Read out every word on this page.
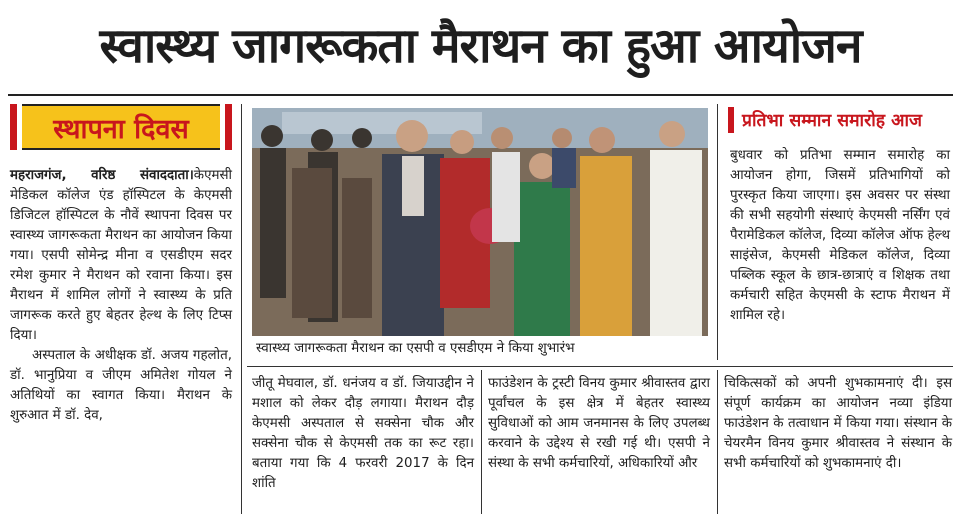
स्वास्थ्य जागरूकता मैराथन का हुआ आयोजन
स्थापना दिवस

महराजगंज, वरिष्ठ संवाददाता।केएमसी मेडिकल कॉलेज एंड हॉस्पिटल के केएमसी डिजिटल हॉस्पिटल के नौवें स्थापना दिवस पर स्वास्थ्य जागरूकता मैराथन का आयोजन किया गया। एसपी सोमेन्द्र मीना व एसडीएम सदर रमेश कुमार ने मैराथन को रवाना किया। इस मैराथन में शामिल लोगों ने स्वास्थ्य के प्रति जागरूक करते हुए बेहतर हेल्थ के लिए टिप्स दिया।

अस्पताल के अधीक्षक डॉ. अजय गहलोत, डॉ. भानुप्रिया व जीएम अमितेश गोयल ने अतिथियों का स्वागत किया। मैराथन के शुरुआत में डॉ. देव,

स्वास्थ्य जागरूकता मैराथन का एसपी व एसडीएम ने किया शुभारंभ
प्रतिभा सम्मान समारोह आज

बुधवार को प्रतिभा सम्मान समारोह का आयोजन होगा, जिसमें प्रतिभागियों को पुरस्कृत किया जाएगा। इस अवसर पर संस्था की सभी सहयोगी संस्थाएं केएमसी नर्सिंग एवं पैरामेडिकल कॉलेज, दिव्या कॉलेज ऑफ हेल्थ साइंसेज, केएमसी मेडिकल कॉलेज, दिव्या पब्लिक स्कूल के छात्र-छात्राएं व शिक्षक तथा कर्मचारी सहित केएमसी के स्टाफ मैराथन में शामिल रहे।

जीतू मेघवाल, डॉ. धनंजय व डॉ. जियाउद्दीन ने मशाल को लेकर दौड़ लगाया। मैराथन दौड़ केएमसी अस्पताल से सक्सेना चौक और सक्सेना चौक से केएमसी तक का रूट रहा। बताया गया कि 4 फरवरी 2017 के दिन शांति

फाउंडेशन के ट्रस्टी विनय कुमार श्रीवास्तव द्वारा पूर्वांचल के इस क्षेत्र में बेहतर स्वास्थ्य सुविधाओं को आम जनमानस के लिए उपलब्ध करवाने के उद्देश्य से रखी गई थी। एसपी ने संस्था के सभी कर्मचारियों, अधिकारियों और

चिकित्सकों को अपनी शुभकामनाएं दी। इस संपूर्ण कार्यक्रम का आयोजन नव्या इंडिया फाउंडेशन के तत्वाधान में किया गया। संस्थान के चेयरमैन विनय कुमार श्रीवास्तव ने संस्थान के सभी कर्मचारियों को शुभकामनाएं दी।
